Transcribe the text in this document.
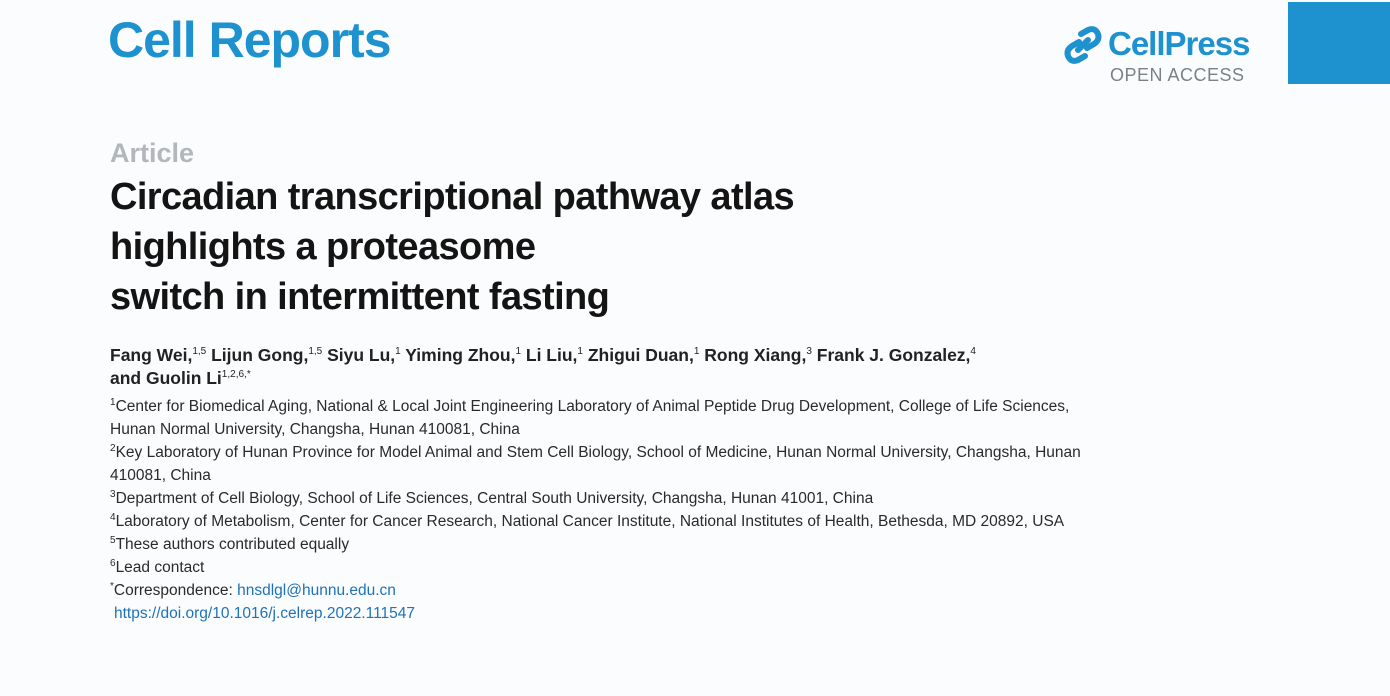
Cell Reports	CellPress
OPEN ACCESS
Article
Circadian transcriptional pathway atlas
highlights a proteasome
switch in intermittent fasting
Fang Wei,$^{1,5}$ Lijun Gong,$^{1,5}$ Siyu Lu,$^1$ Yiming Zhou,$^1$ Li Liu,$^1$ Zhigui Duan,$^1$ Rong Xiang,$^3$ Frank J. Gonzalez,$^4$
and Guolin $Li^{1,2,6,*}$
$^1$Center for Biomedical Aging, National & Local Joint Engineering Laboratory of Animal Peptide Drug Development, College of Life Sciences,
Hunan Normal University, Changsha, Hunan 410081, China
$^2$Key Laboratory of Hunan Province for Model Animal and Stem Cell Biology, School of Medicine, Hunan Normal University, Changsha, Hunan
410081, China
$^3$Department of Cell Biology, School of Life Sciences, Central South University, Changsha, Hunan 41001, China
$^4$Laboratory of Metabolism, Center for Cancer Research, National Cancer Institute, National Institutes of Health, Bethesda, MD 20892, USA
$^5$These authors contributed equally
$^6$Lead contact
*Correspondence: hnsdlgl@hunnu.edu.cn
https://doi.org/10.1016/j.celrep.2022.111547
